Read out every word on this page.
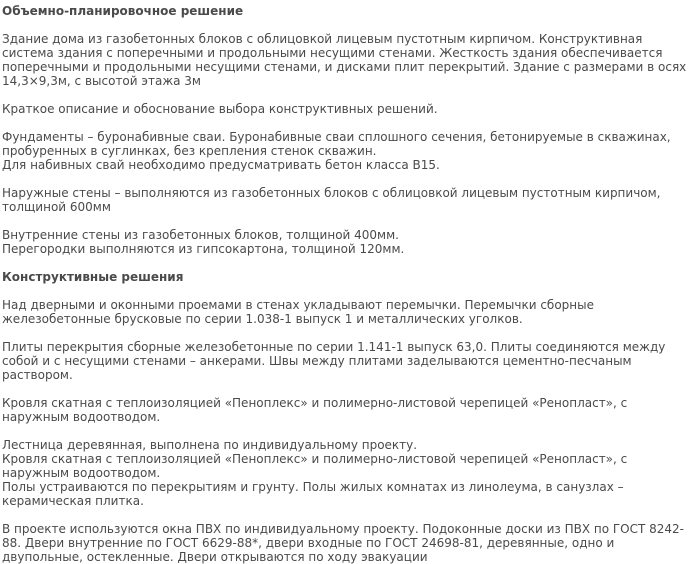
Объемно-планировочное решение

Здание дома из газобетонных блоков с облицовкой лицевым пустотным кирпичом. Конструктивная система здания с поперечными и продольными несущими стенами. Жесткость здания обеспечивается поперечными и продольными несущими стенами, и дисками плит перекрытий. Здание с размерами в осях 14,3×9,3м, с высотой этажа 3м

Краткое описание и обоснование выбора конструктивных решений.

Фундаменты – буронабивные сваи. Буронабивные сваи сплошного сечения, бетонируемые в скважинах, пробуренных в суглинках, без крепления стенок скважин.
Для набивных свай необходимо предусматривать бетон класса В15.

Наружные стены – выполняются из газобетонных блоков с облицовкой лицевым пустотным кирпичом, толщиной 600мм

Внутренние стены из газобетонных блоков, толщиной 400мм.
Перегородки выполняются из гипсокартона, толщиной 120мм.
Конструктивные решения

Над дверными и оконными проемами в стенах укладывают перемычки. Перемычки сборные железобетонные брусковые по серии 1.038-1 выпуск 1 и металлических уголков.

Плиты перекрытия сборные железобетонные по серии 1.141-1 выпуск 63,0. Плиты соединяются между собой и с несущими стенами – анкерами. Швы между плитами заделываются цементно-песчаным раствором.

Кровля скатная с теплоизоляцией «Пеноплекс» и полимерно-листовой черепицей «Ренопласт», с наружным водоотводом.

Лестница деревянная, выполнена по индивидуальному проекту.
Кровля скатная с теплоизоляцией «Пеноплекс» и полимерно-листовой черепицей «Ренопласт», с наружным водоотводом.
Полы устраиваются по перекрытиям и грунту. Полы жилых комнатах из линолеума, в санузлах – керамическая плитка.

В проекте используются окна ПВХ по индивидуальному проекту. Подоконные доски из ПВХ по ГОСТ 8242-88. Двери внутренние по ГОСТ 6629-88*, двери входные по ГОСТ 24698-81, деревянные, одно и двупольные, остекленные. Двери открываются по ходу эвакуации
